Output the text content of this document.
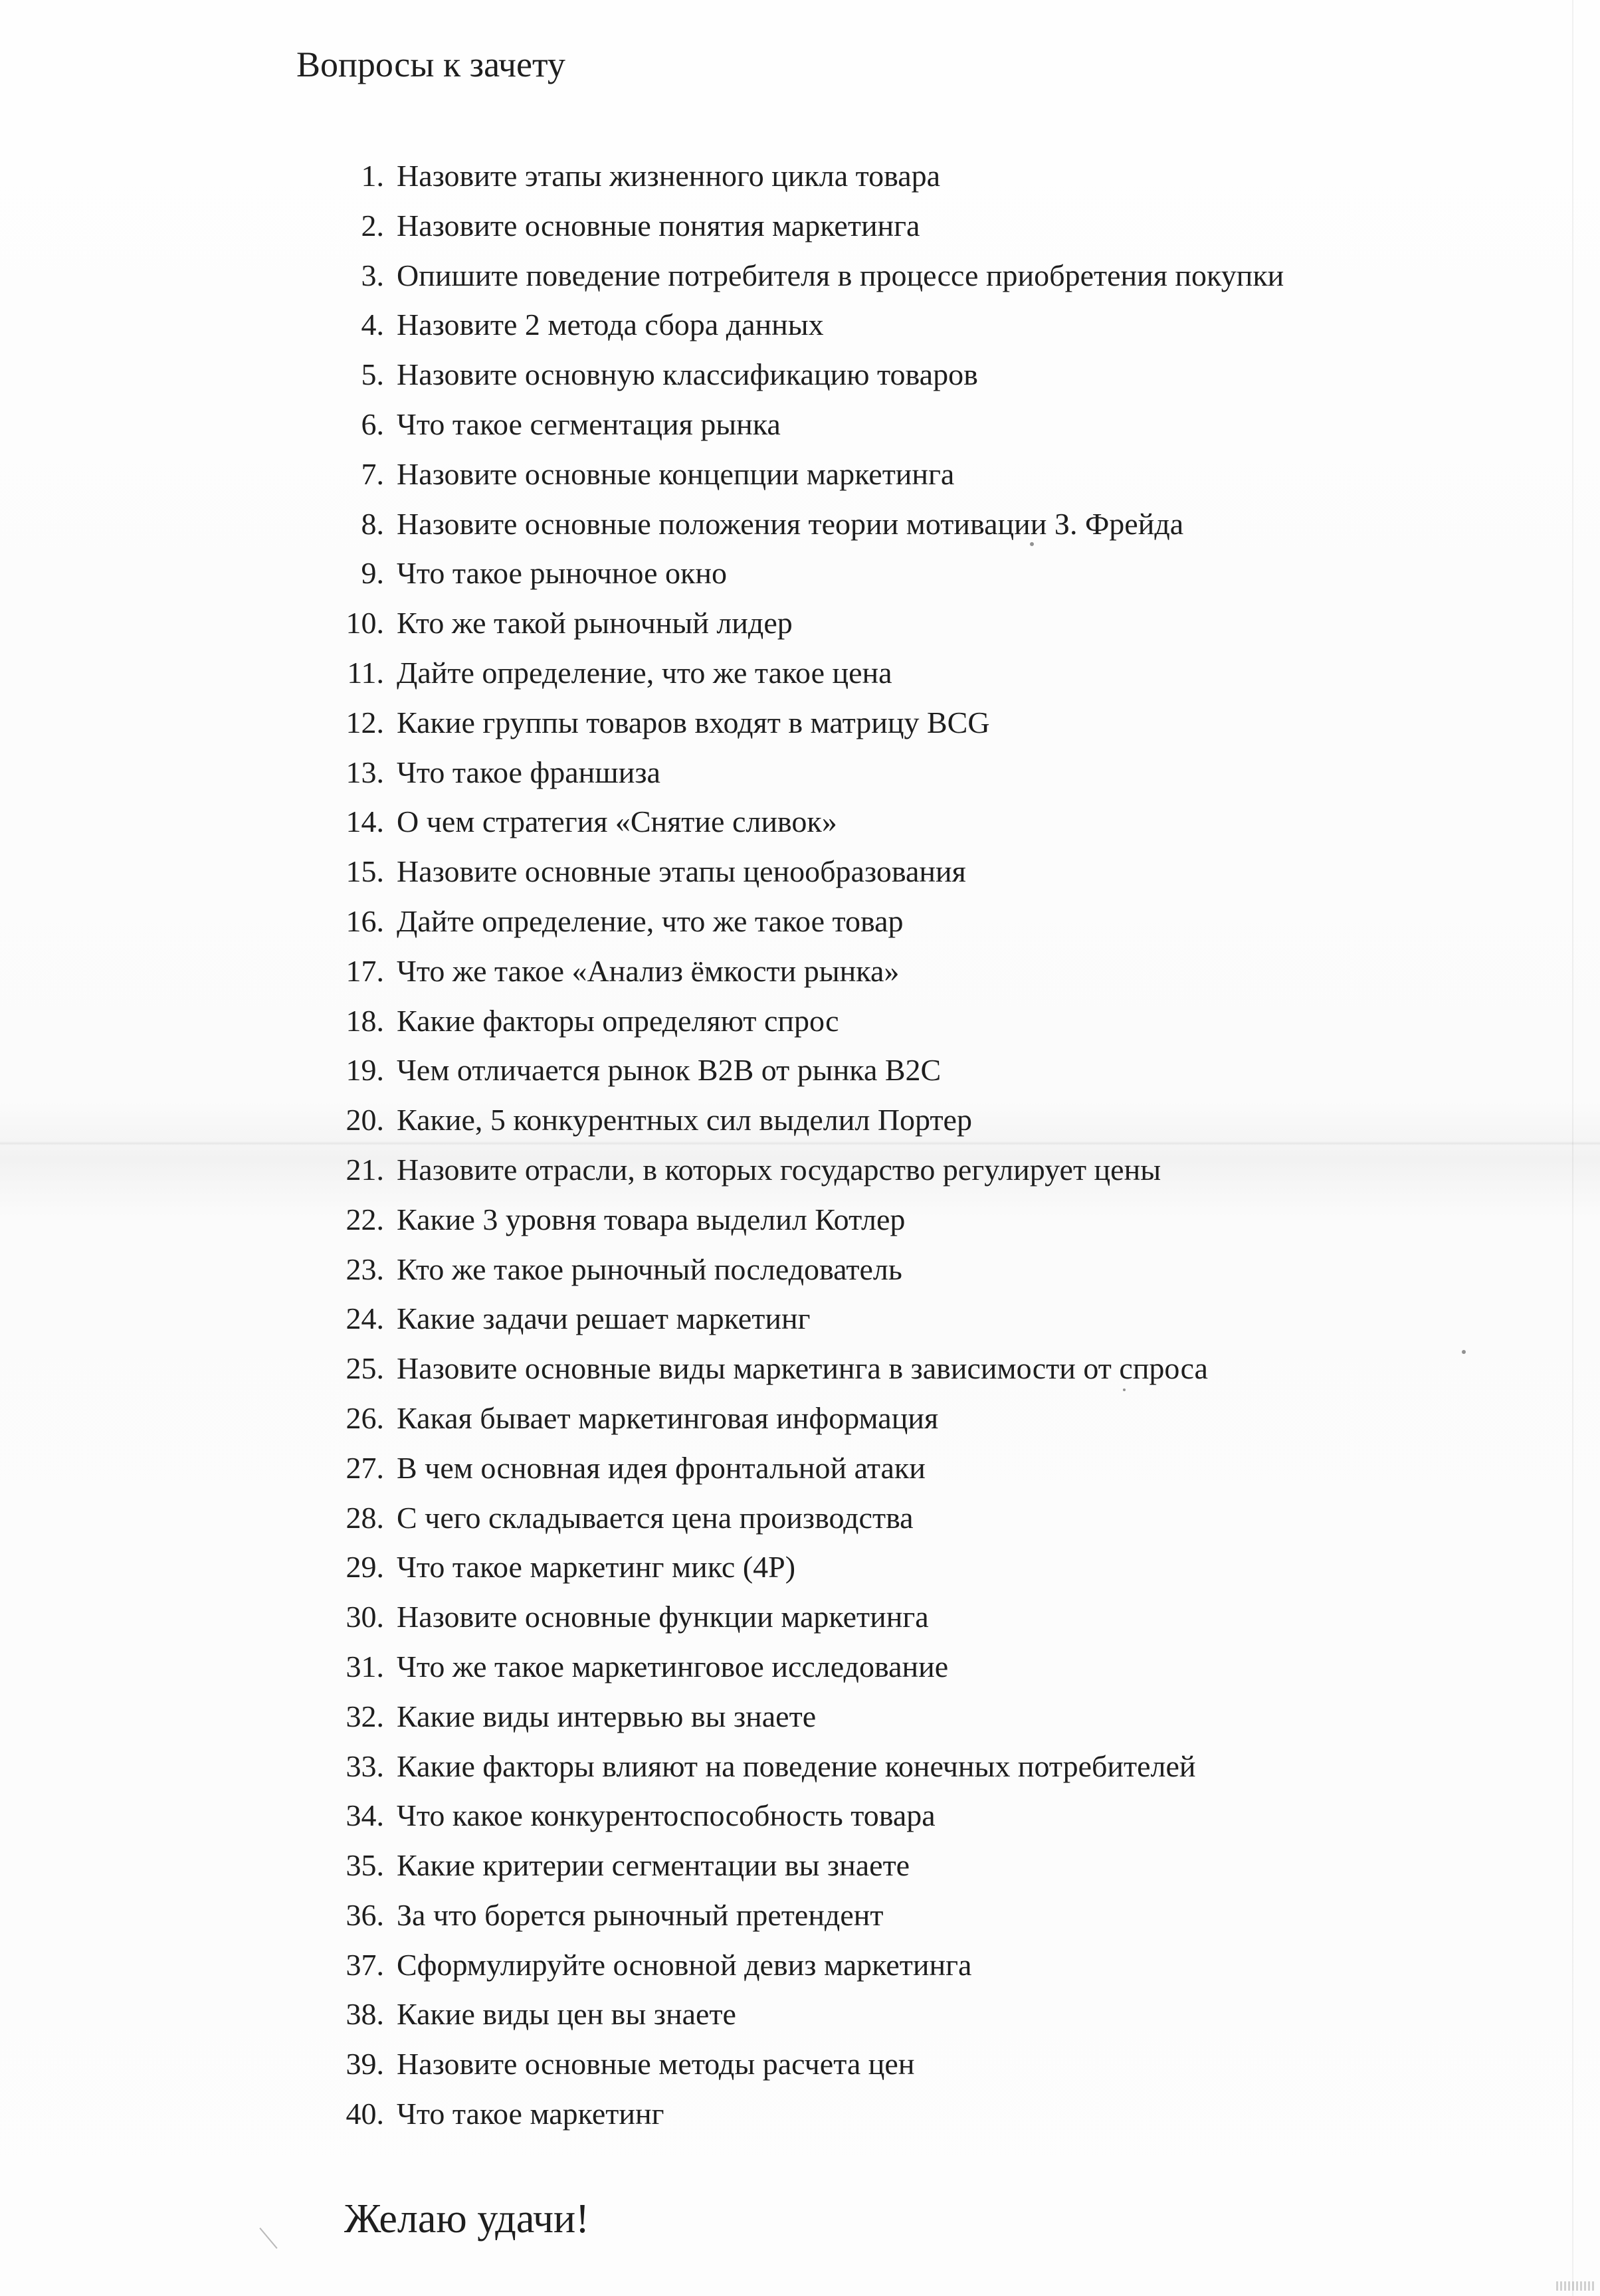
Вопросы к зачету
1. Назовите этапы жизненного цикла товара
2. Назовите основные понятия маркетинга
3. Опишите поведение потребителя в процессе приобретения покупки
4. Назовите 2 метода сбора данных
5. Назовите основную классификацию товаров
6. Что такое сегментация рынка
7. Назовите основные концепции маркетинга
8. Назовите основные положения теории мотивации З. Фрейда
9. Что такое рыночное окно
10. Кто же такой рыночный лидер
11. Дайте определение, что же такое цена
12. Какие группы товаров входят в матрицу BCG
13. Что такое франшиза
14. О чем стратегия «Снятие сливок»
15. Назовите основные этапы ценообразования
16. Дайте определение, что же такое товар
17. Что же такое «Анализ ёмкости рынка»
18. Какие факторы определяют спрос
19. Чем отличается рынок B2B от рынка B2C
20. Какие, 5 конкурентных сил выделил Портер
21. Назовите отрасли, в которых государство регулирует цены
22. Какие 3 уровня товара выделил Котлер
23. Кто же такое рыночный последователь
24. Какие задачи решает маркетинг
25. Назовите основные виды маркетинга в зависимости от спроса
26. Какая бывает маркетинговая информация
27. В чем основная идея фронтальной атаки
28. С чего складывается цена производства
29. Что такое маркетинг микс (4P)
30. Назовите основные функции маркетинга
31. Что же такое маркетинговое исследование
32. Какие виды интервью вы знаете
33. Какие факторы влияют на поведение конечных потребителей
34. Что какое конкурентоспособность товара
35. Какие критерии сегментации вы знаете
36. За что борется рыночный претендент
37. Сформулируйте основной девиз маркетинга
38. Какие виды цен вы знаете
39. Назовите основные методы расчета цен
40. Что такое маркетинг

Желаю удачи!
